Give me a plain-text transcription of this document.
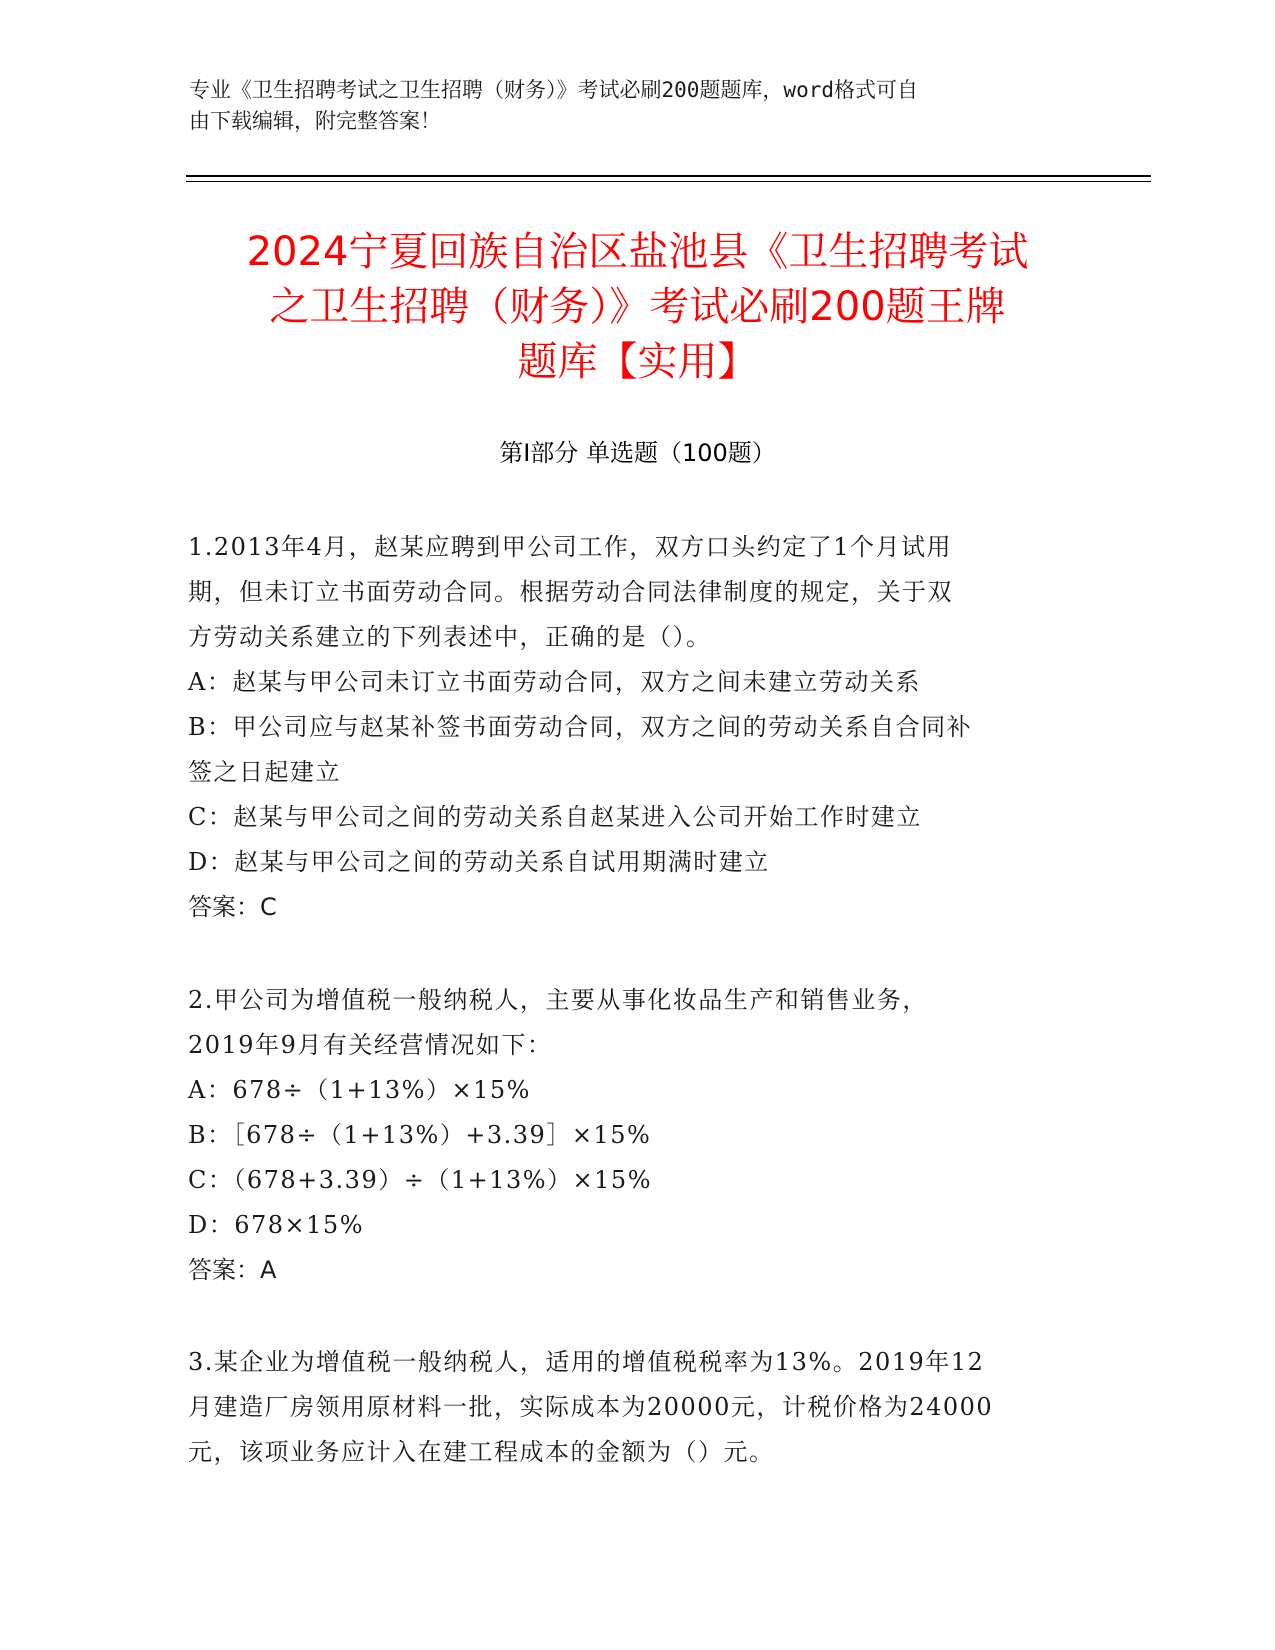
专业《卫生招聘考试之卫生招聘（财务）》考试必刷200题题库，word格式可自
由下载编辑，附完整答案！
2024宁夏回族自治区盐池县《卫生招聘考试
之卫生招聘（财务）》考试必刷200题王牌
题库【实用】
第Ⅰ部分 单选题（100题）
1.2013年4月，赵某应聘到甲公司工作，双方口头约定了1个月试用
期，但未订立书面劳动合同。根据劳动合同法律制度的规定，关于双
方劳动关系建立的下列表述中，正确的是（）。
A：赵某与甲公司未订立书面劳动合同，双方之间未建立劳动关系
B：甲公司应与赵某补签书面劳动合同，双方之间的劳动关系自合同补
签之日起建立
C：赵某与甲公司之间的劳动关系自赵某进入公司开始工作时建立
D：赵某与甲公司之间的劳动关系自试用期满时建立
答案：C
2.甲公司为增值税一般纳税人，主要从事化妆品生产和销售业务，
2019年9月有关经营情况如下：
A：678÷（1+13%）×15%
B：［678÷（1+13%）+3.39］×15%
C：（678+3.39）÷（1+13%）×15%
D：678×15%
答案：A
3.某企业为增值税一般纳税人，适用的增值税税率为13%。2019年12
月建造厂房领用原材料一批，实际成本为20000元，计税价格为24000
元，该项业务应计入在建工程成本的金额为（）元。
